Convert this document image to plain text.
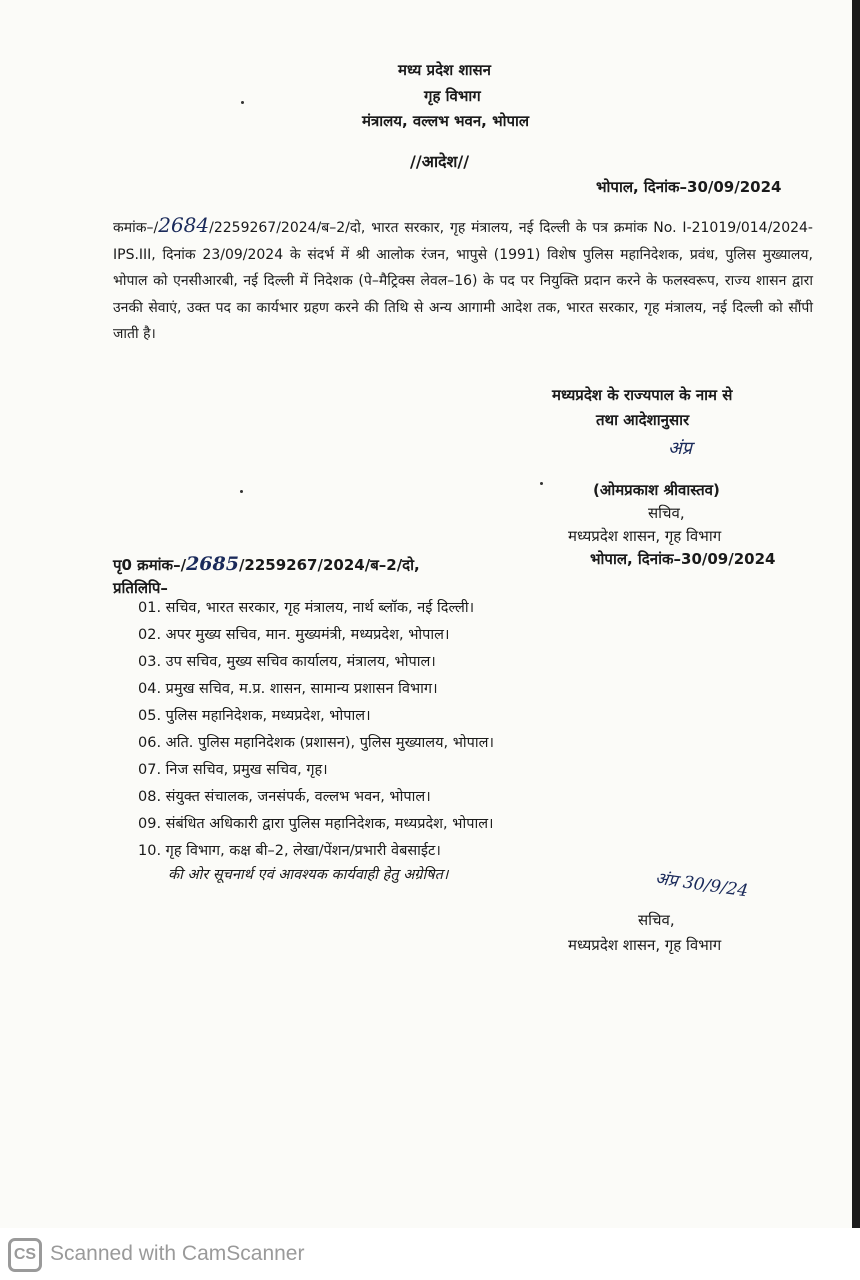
मध्य प्रदेश शासन
गृह विभाग
मंत्रालय, वल्लभ भवन, भोपाल
//आदेश//
भोपाल, दिनांक–30/09/2024
कमांक–/2684/2259267/2024/ब–2/दो, भारत सरकार, गृह मंत्रालय, नई दिल्ली के पत्र क्रमांक No. I-21019/014/2024-IPS.III, दिनांक 23/09/2024 के संदर्भ में श्री आलोक रंजन, भापुसे (1991) विशेष पुलिस महानिदेशक, प्रवंध, पुलिस मुख्यालय, भोपाल को एनसीआरबी, नई दिल्ली में निदेशक (पे–मैट्रिक्स लेवल–16) के पद पर नियुक्ति प्रदान करने के फलस्वरूप, राज्य शासन द्वारा उनकी सेवाएं, उक्त पद का कार्यभार ग्रहण करने की तिथि से अन्य आगामी आदेश तक, भारत सरकार, गृह मंत्रालय, नई दिल्ली को सौंपी जाती है।
मध्यप्रदेश के राज्यपाल के नाम से
तथा आदेशानुसार
अंप्र
(ओमप्रकाश श्रीवास्तव)
सचिव,
मध्यप्रदेश शासन, गृह विभाग
पृ0 क्रमांक–/2685/2259267/2024/ब–2/दो,	भोपाल, दिनांक–30/09/2024
प्रतिलिपि–
01. सचिव, भारत सरकार, गृह मंत्रालय, नार्थ ब्लॉक, नई दिल्ली।
02. अपर मुख्य सचिव, मान. मुख्यमंत्री, मध्यप्रदेश, भोपाल।
03. उप सचिव, मुख्य सचिव कार्यालय, मंत्रालय, भोपाल।
04. प्रमुख सचिव, म.प्र. शासन, सामान्य प्रशासन विभाग।
05. पुलिस महानिदेशक, मध्यप्रदेश, भोपाल।
06. अति. पुलिस महानिदेशक (प्रशासन), पुलिस मुख्यालय, भोपाल।
07. निज सचिव, प्रमुख सचिव, गृह।
08. संयुक्त संचालक, जनसंपर्क, वल्लभ भवन, भोपाल।
09. संबंधित अधिकारी द्वारा पुलिस महानिदेशक, मध्यप्रदेश, भोपाल।
10. गृह विभाग, कक्ष बी–2, लेखा/पेंशन/प्रभारी वेबसाईट।
की ओर सूचनार्थ एवं आवश्यक कार्यवाही हेतु अग्रेषित।	अंप्र 30/9/24
सचिव,
मध्यप्रदेश शासन, गृह विभाग
CS Scanned with CamScanner
